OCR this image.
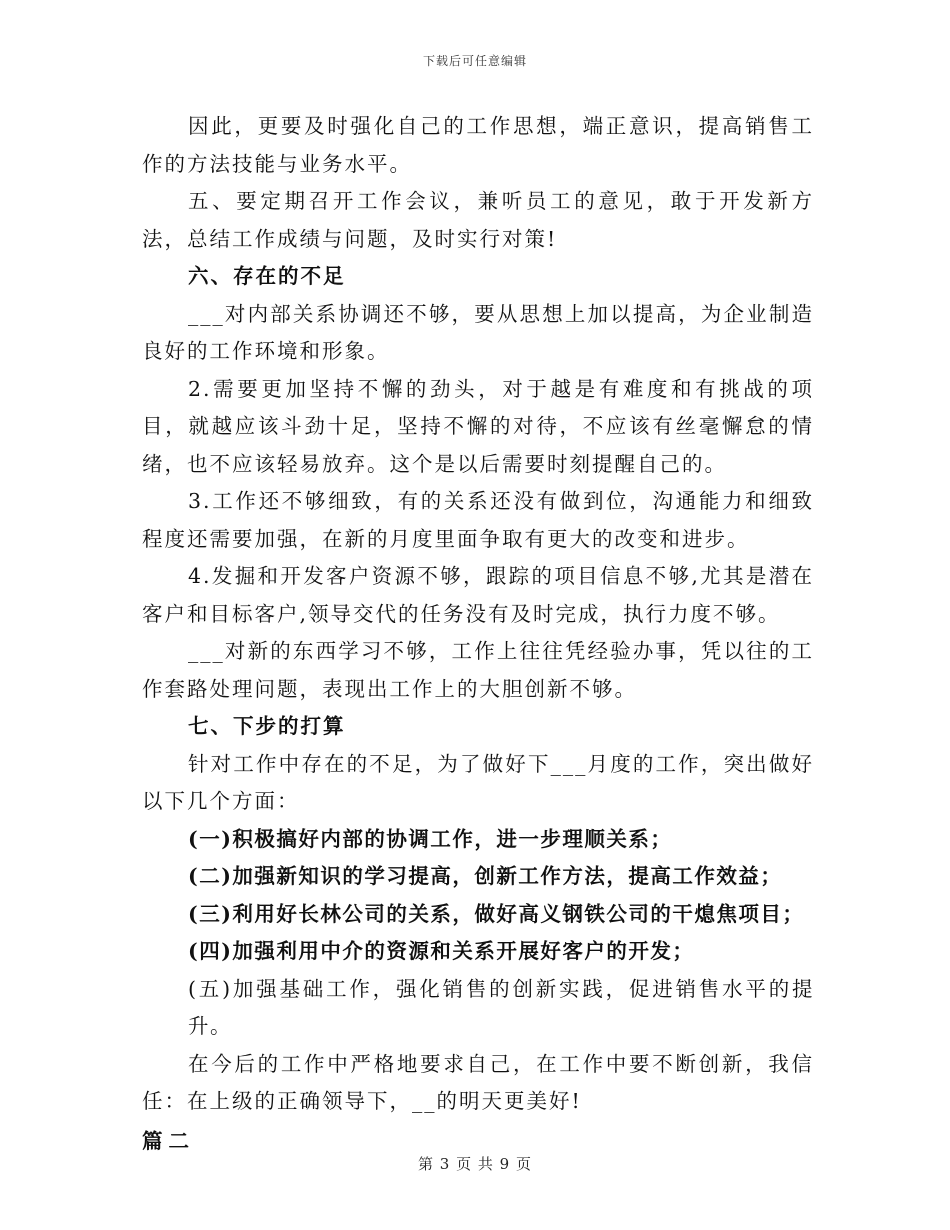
下载后可任意编辑

因此，更要及时强化自己的工作思想，端正意识，提高销售工作的方法技能与业务水平。

五、要定期召开工作会议，兼听员工的意见，敢于开发新方法，总结工作成绩与问题，及时实行对策!

六、存在的不足

___对内部关系协调还不够，要从思想上加以提高，为企业制造良好的工作环境和形象。

2.需要更加坚持不懈的劲头，对于越是有难度和有挑战的项目，就越应该斗劲十足，坚持不懈的对待，不应该有丝毫懈怠的情绪，也不应该轻易放弃。这个是以后需要时刻提醒自己的。

3.工作还不够细致，有的关系还没有做到位，沟通能力和细致程度还需要加强，在新的月度里面争取有更大的改变和进步。

4.发掘和开发客户资源不够，跟踪的项目信息不够,尤其是潜在客户和目标客户,领导交代的任务没有及时完成，执行力度不够。

___对新的东西学习不够，工作上往往凭经验办事，凭以往的工作套路处理问题，表现出工作上的大胆创新不够。

七、下步的打算

针对工作中存在的不足，为了做好下___月度的工作，突出做好以下几个方面：

(一)积极搞好内部的协调工作，进一步理顺关系；

(二)加强新知识的学习提高，创新工作方法，提高工作效益；

(三)利用好长林公司的关系，做好高义钢铁公司的干熄焦项目；

(四)加强利用中介的资源和关系开展好客户的开发；

(五)加强基础工作，强化销售的创新实践，促进销售水平的提升。

在今后的工作中严格地要求自己，在工作中要不断创新，我信任：在上级的正确领导下，__的明天更美好!

篇二

第 3 页 共 9 页
